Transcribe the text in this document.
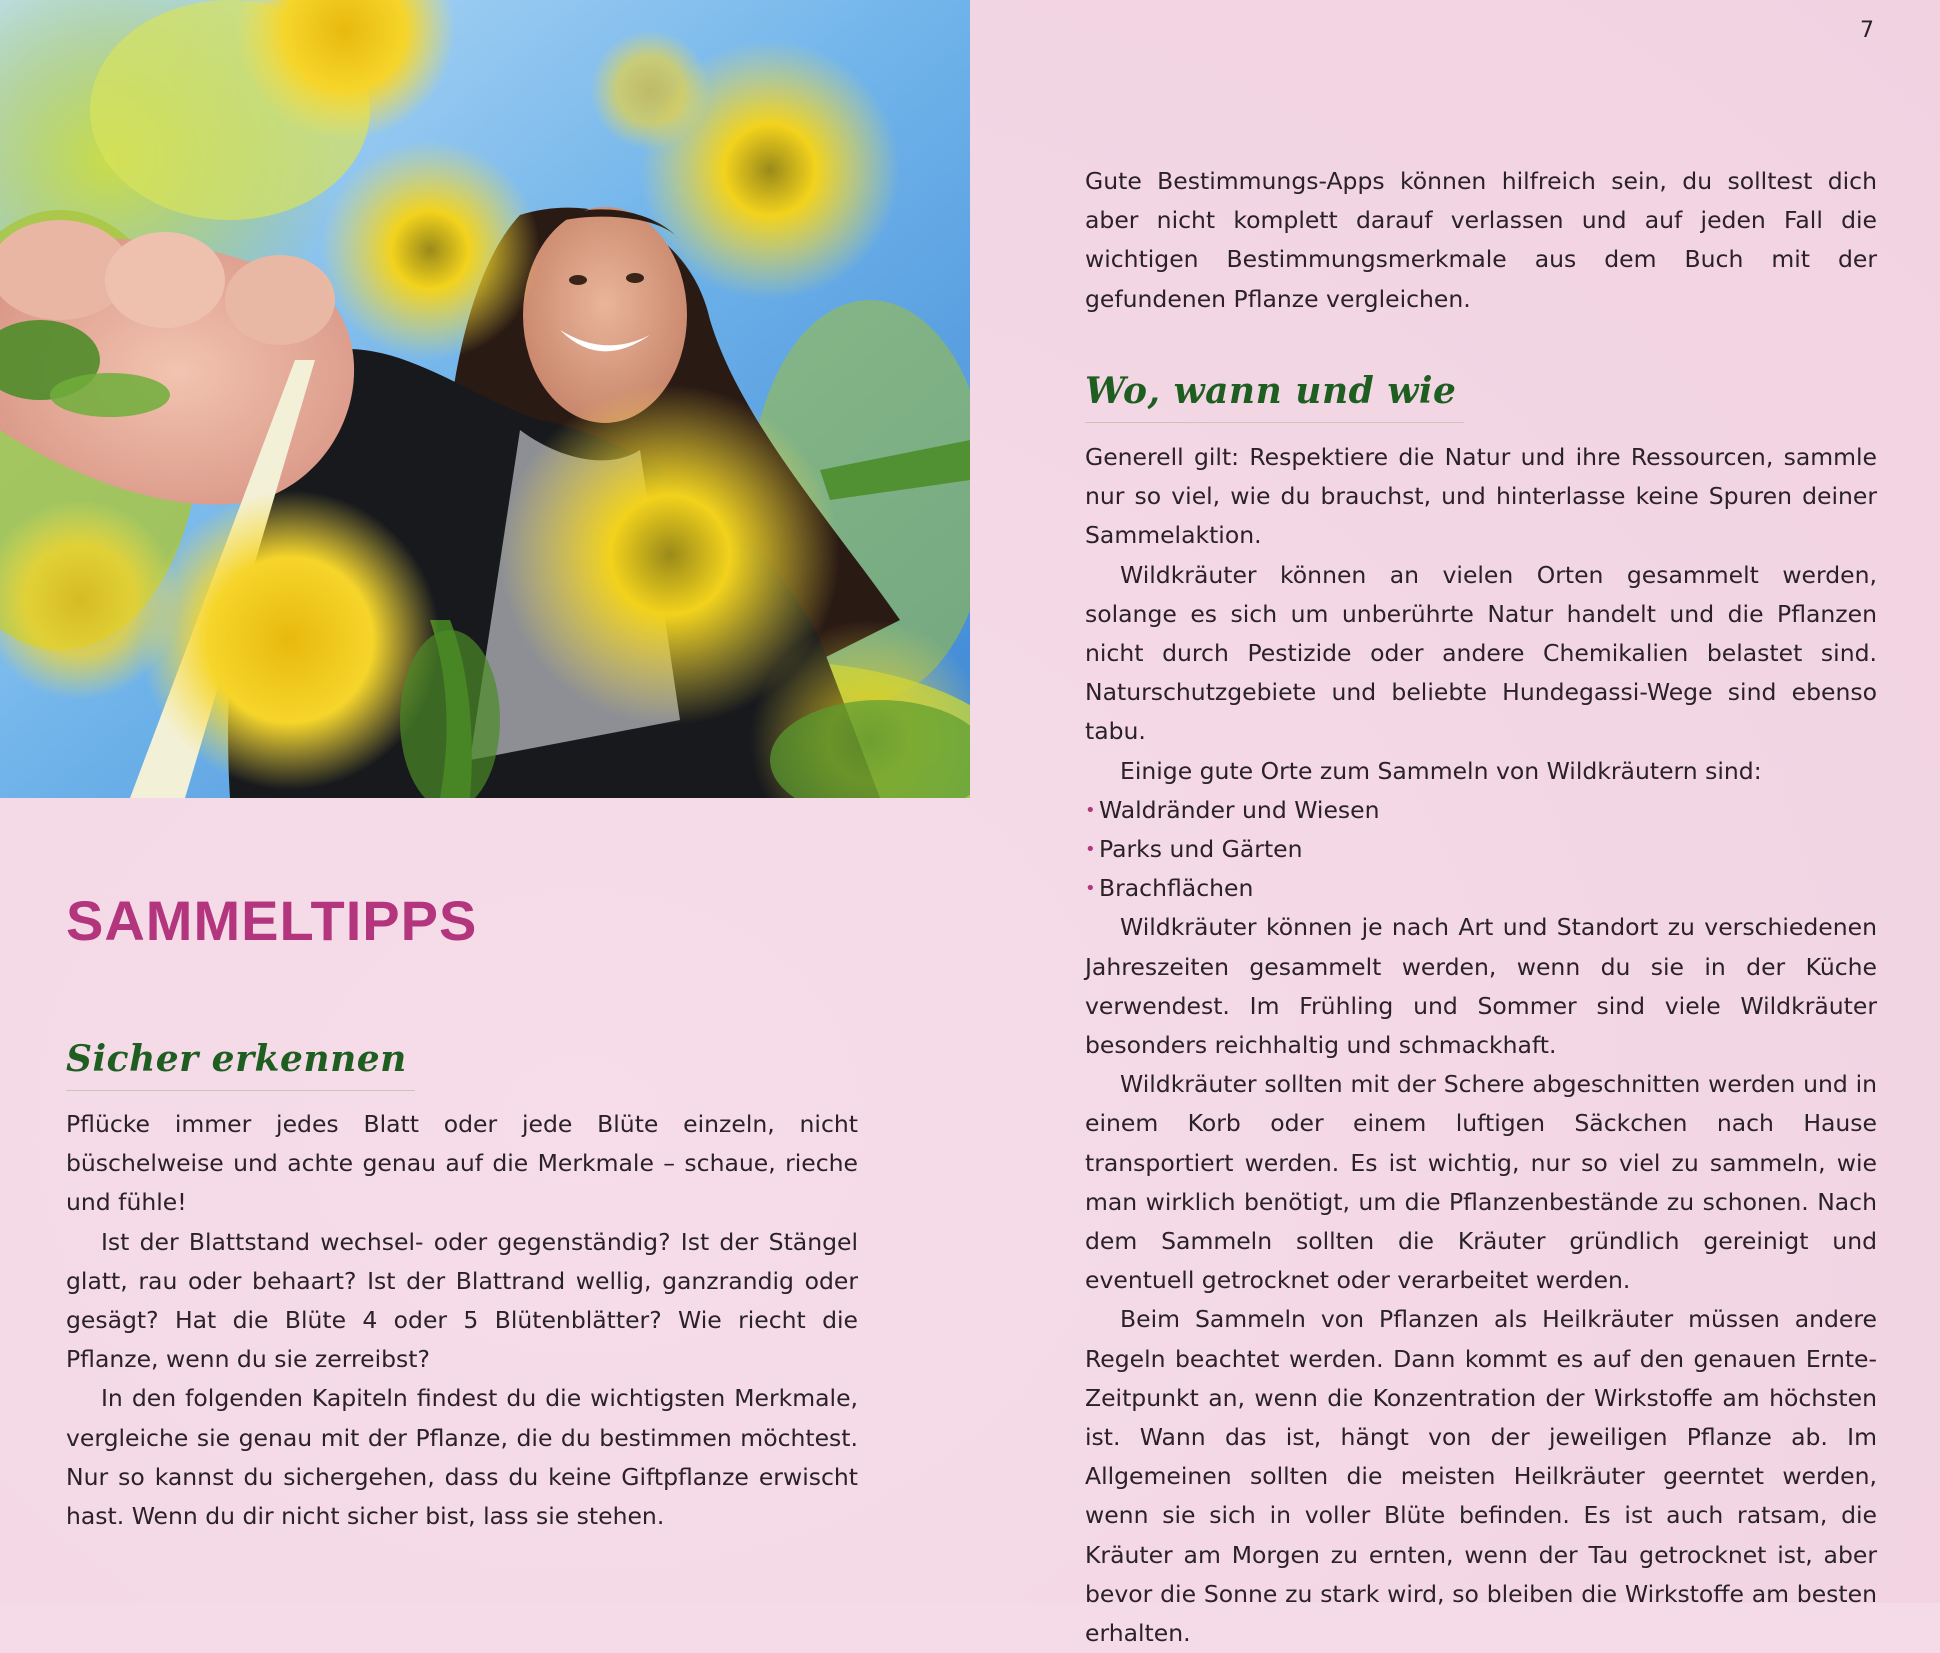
7
SAMMELTIPPS
Sicher erkennen

Pflücke immer jedes Blatt oder jede Blüte einzeln, nicht büschelweise und achte genau auf die Merkmale – schaue, rieche und fühle!

Ist der Blattstand wechsel- oder gegenständig? Ist der Stängel glatt, rau oder behaart? Ist der Blattrand wellig, ganzrandig oder gesägt? Hat die Blüte 4 oder 5 Blütenblätter? Wie riecht die Pflanze, wenn du sie zerreibst?

In den folgenden Kapiteln findest du die wichtigsten Merkmale, vergleiche sie genau mit der Pflanze, die du bestimmen möchtest. Nur so kannst du sichergehen, dass du keine Giftpflanze erwischt hast. Wenn du dir nicht sicher bist, lass sie stehen.

Gute Bestimmungs-Apps können hilfreich sein, du solltest dich aber nicht komplett darauf verlassen und auf jeden Fall die wichtigen Bestimmungsmerkmale aus dem Buch mit der gefundenen Pflanze vergleichen.

Wo, wann und wie

Generell gilt: Respektiere die Natur und ihre Ressourcen, sammle nur so viel, wie du brauchst, und hinterlasse keine Spuren deiner Sammelaktion.

Wildkräuter können an vielen Orten gesammelt werden, solange es sich um unberührte Natur handelt und die Pflanzen nicht durch Pestizide oder andere Chemikalien belastet sind. Naturschutzgebiete und beliebte Hundegassi-Wege sind ebenso tabu.

Einige gute Orte zum Sammeln von Wildkräutern sind:

• Waldränder und Wiesen
• Parks und Gärten
• Brachflächen

Wildkräuter können je nach Art und Standort zu verschiedenen Jahreszeiten gesammelt werden, wenn du sie in der Küche verwendest. Im Frühling und Sommer sind viele Wildkräuter besonders reichhaltig und schmackhaft.

Wildkräuter sollten mit der Schere abgeschnitten werden und in einem Korb oder einem luftigen Säckchen nach Hause transportiert werden. Es ist wichtig, nur so viel zu sammeln, wie man wirklich benötigt, um die Pflanzenbestände zu schonen. Nach dem Sammeln sollten die Kräuter gründlich gereinigt und eventuell getrocknet oder verarbeitet werden.

Beim Sammeln von Pflanzen als Heilkräuter müssen andere Regeln beachtet werden. Dann kommt es auf den genauen Ernte-Zeitpunkt an, wenn die Konzentration der Wirkstoffe am höchsten ist. Wann das ist, hängt von der jeweiligen Pflanze ab. Im Allgemeinen sollten die meisten Heilkräuter geerntet werden, wenn sie sich in voller Blüte befinden. Es ist auch ratsam, die Kräuter am Morgen zu ernten, wenn der Tau getrocknet ist, aber bevor die Sonne zu stark wird, so bleiben die Wirkstoffe am besten erhalten.
